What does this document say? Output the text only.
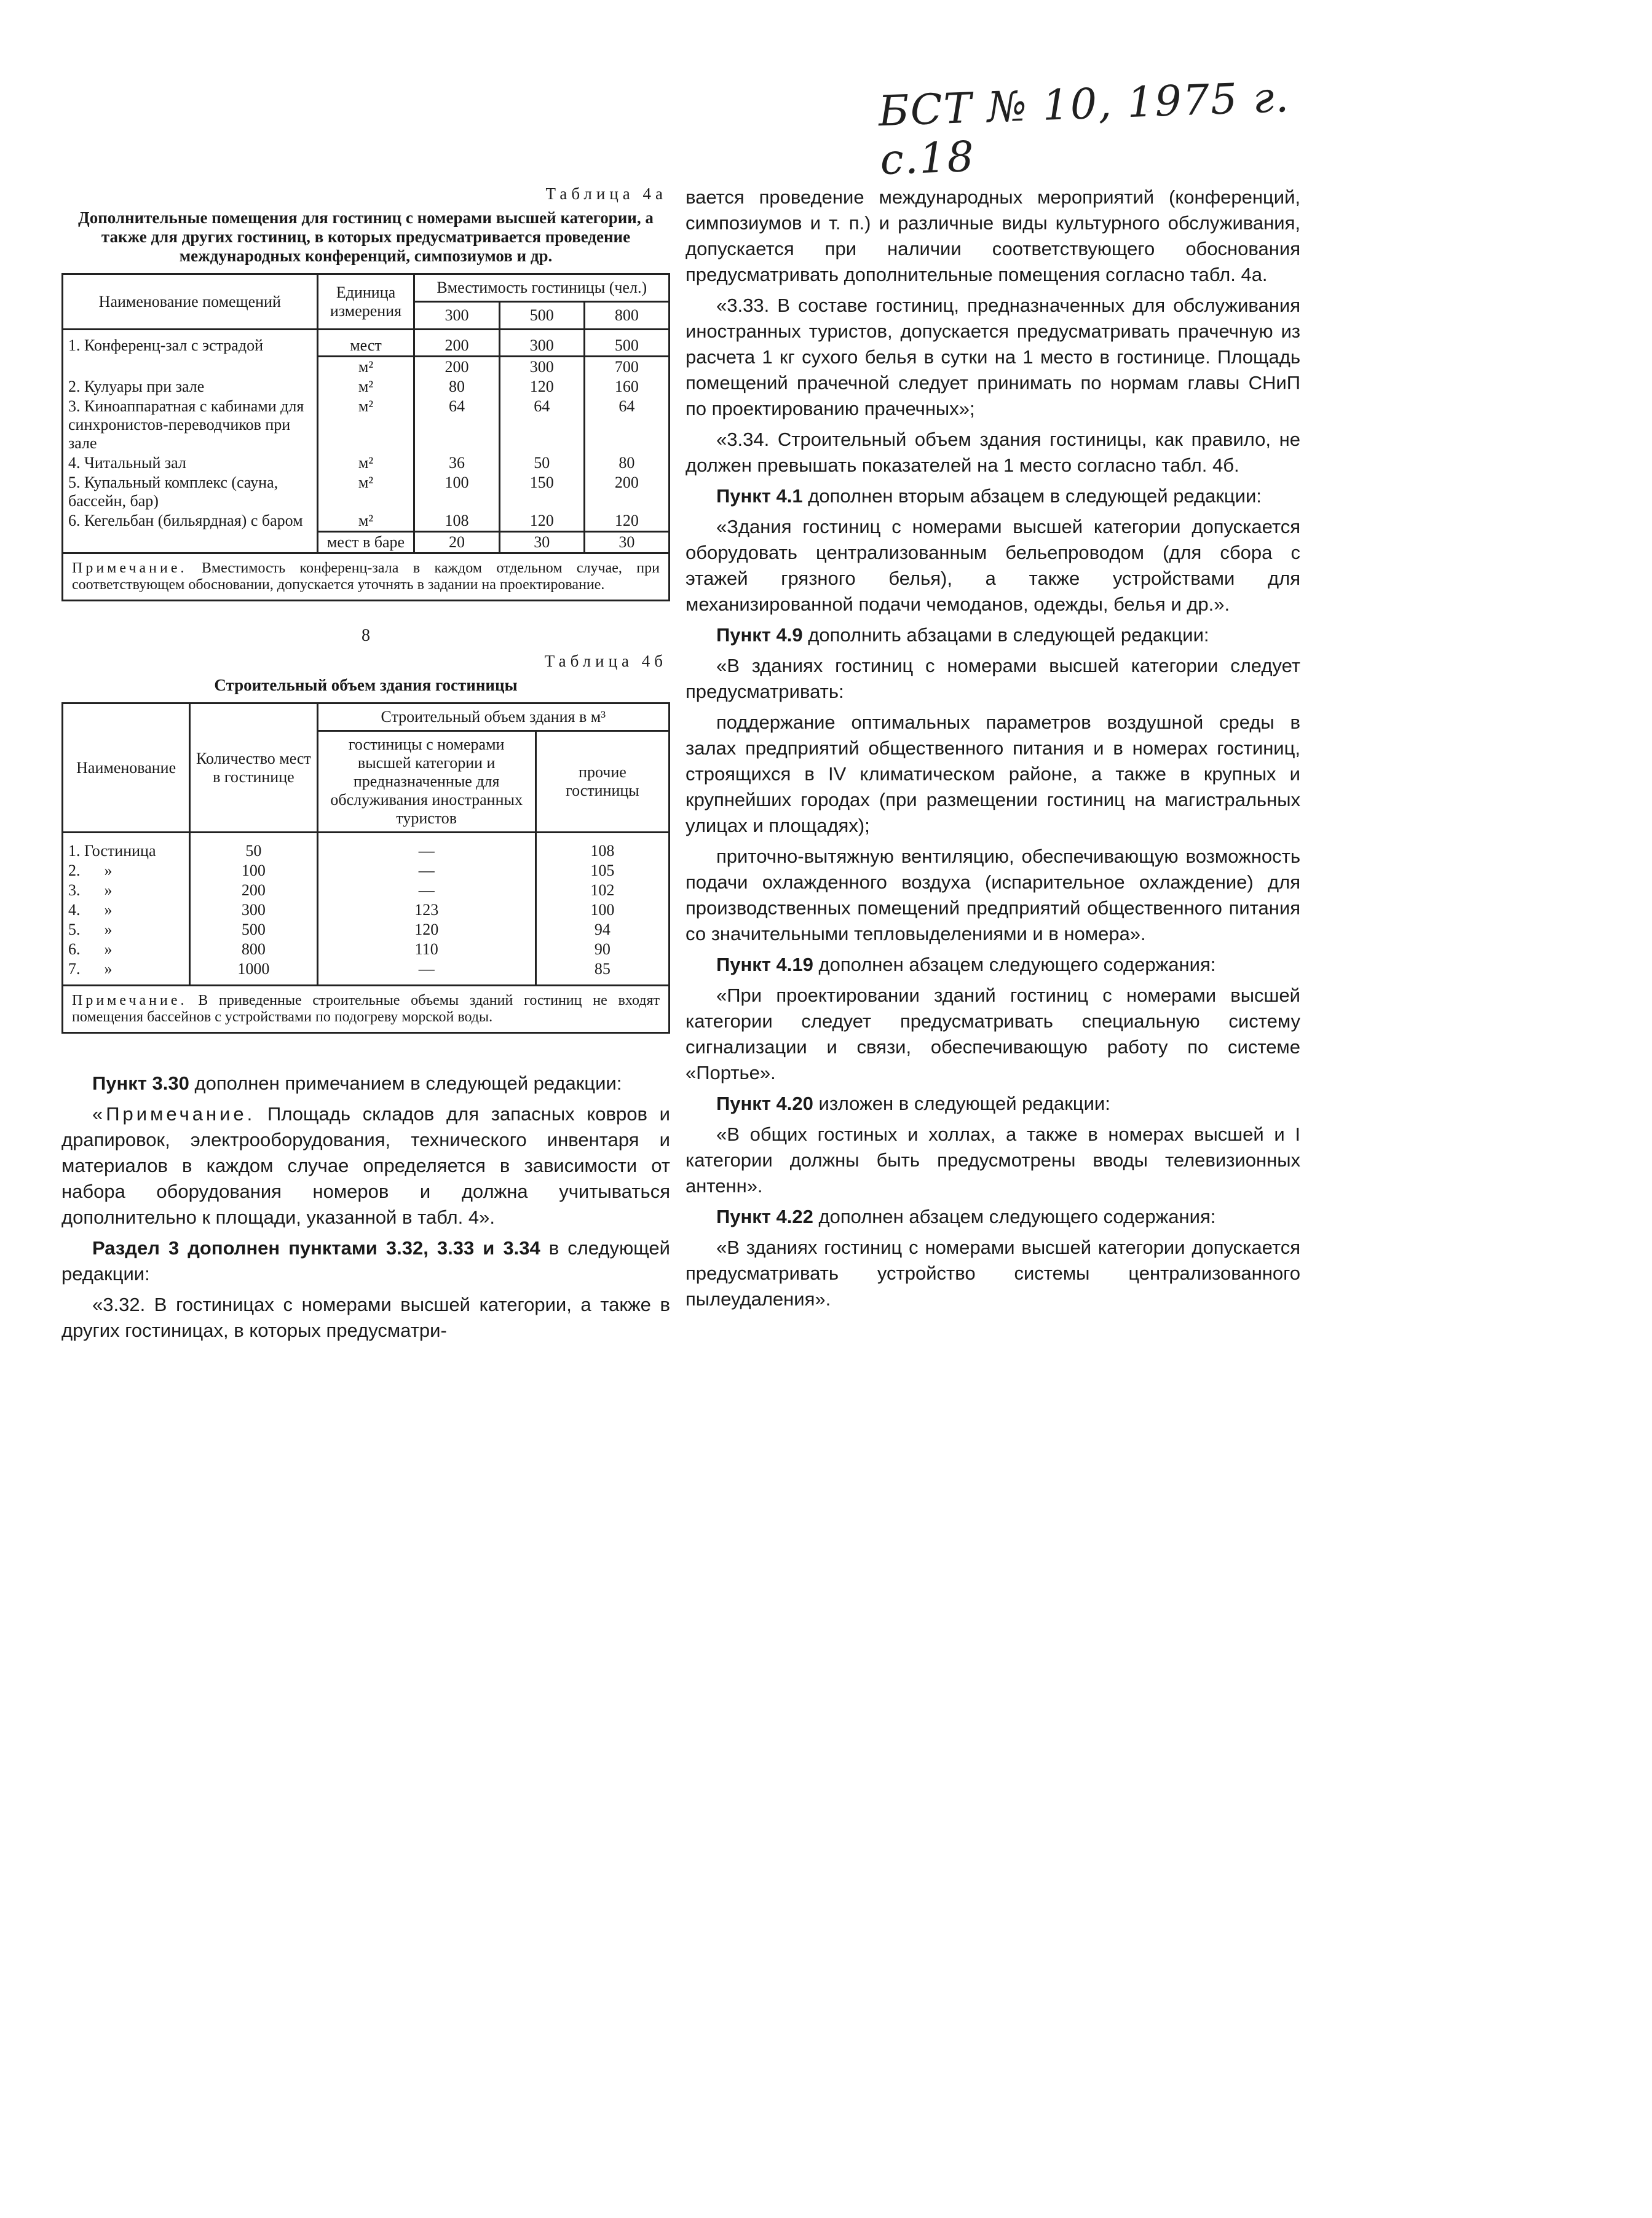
БСТ № 10, 1975 г. с.18
Таблица 4а
Дополнительные помещения для гостиниц с номерами высшей категории, а также для других гостиниц, в которых предусматривается проведение международных конференций, симпозиумов и др.
Наименование помещений	Единица измерения	Вместимость гостиницы (чел.)		
		300	500	800
1. Конференц-зал с эстрадой	мест	200	300	500
	м²	200	300	700
2. Кулуары при зале	м²	80	120	160
3. Киноаппаратная с кабинами для синхронистов-переводчиков при зале	м²	64	64	64
4. Читальный зал	м²	36	50	80
5. Купальный комплекс (сауна, бассейн, бар)	м²	100	150	200
6. Кегельбан (бильярдная) с баром	м²	108	120	120
	мест в баре	20	30	30
Примечание. Вместимость конференц-зала в каждом отдельном случае, при соответствующем обосновании, допускается уточнять в задании на проектирование.				
8
Таблица 4б
Строительный объем здания гостиницы
Наименование	Количество мест в гостинице	Строительный объем здания в м³	
		гостиницы с номерами высшей категории и предназначенные для обслуживания иностранных туристов	прочие гостиницы
1. Гостиница	50	—	108
2.      »	100	—	105
3.      »	200	—	102
4.      »	300	123	100
5.      »	500	120	94
6.      »	800	110	90
7.      »	1000	—	85
Примечание. В приведенные строительные объемы зданий гостиниц не входят помещения бассейнов с устройствами по подогреву морской воды.			

Пункт 3.30 дополнен примечанием в следующей редакции:

«Примечание. Площадь складов для запасных ковров и драпировок, электрооборудования, технического инвентаря и материалов в каждом случае определяется в зависимости от набора оборудования номеров и должна учитываться дополнительно к площади, указанной в табл. 4».

Раздел 3 дополнен пунктами 3.32, 3.33 и 3.34 в следующей редакции:

«3.32. В гостиницах с номерами высшей категории, а также в других гостиницах, в которых предусматри-

вается проведение международных мероприятий (конференций, симпозиумов и т. п.) и различные виды культурного обслуживания, допускается при наличии соответствующего обоснования предусматривать дополнительные помещения согласно табл. 4а.

«3.33. В составе гостиниц, предназначенных для обслуживания иностранных туристов, допускается предусматривать прачечную из расчета 1 кг сухого белья в сутки на 1 место в гостинице. Площадь помещений прачечной следует принимать по нормам главы СНиП по проектированию прачечных»;

«3.34. Строительный объем здания гостиницы, как правило, не должен превышать показателей на 1 место согласно табл. 4б.

Пункт 4.1 дополнен вторым абзацем в следующей редакции:

«Здания гостиниц с номерами высшей категории допускается оборудовать централизованным бельепроводом (для сбора с этажей грязного белья), а также устройствами для механизированной подачи чемоданов, одежды, белья и др.».

Пункт 4.9 дополнить абзацами в следующей редакции:

«В зданиях гостиниц с номерами высшей категории следует предусматривать:

поддержание оптимальных параметров воздушной среды в залах предприятий общественного питания и в номерах гостиниц, строящихся в IV климатическом районе, а также в крупных и крупнейших городах (при размещении гостиниц на магистральных улицах и площадях);

приточно-вытяжную вентиляцию, обеспечивающую возможность подачи охлажденного воздуха (испарительное охлаждение) для производственных помещений предприятий общественного питания со значительными тепловыделениями и в номера».

Пункт 4.19 дополнен абзацем следующего содержания:

«При проектировании зданий гостиниц с номерами высшей категории следует предусматривать специальную систему сигнализации и связи, обеспечивающую работу по системе «Портье».

Пункт 4.20 изложен в следующей редакции:

«В общих гостиных и холлах, а также в номерах высшей и I категории должны быть предусмотрены вводы телевизионных антенн».

Пункт 4.22 дополнен абзацем следующего содержания:

«В зданиях гостиниц с номерами высшей категории допускается предусматривать устройство системы централизованного пылеудаления».
